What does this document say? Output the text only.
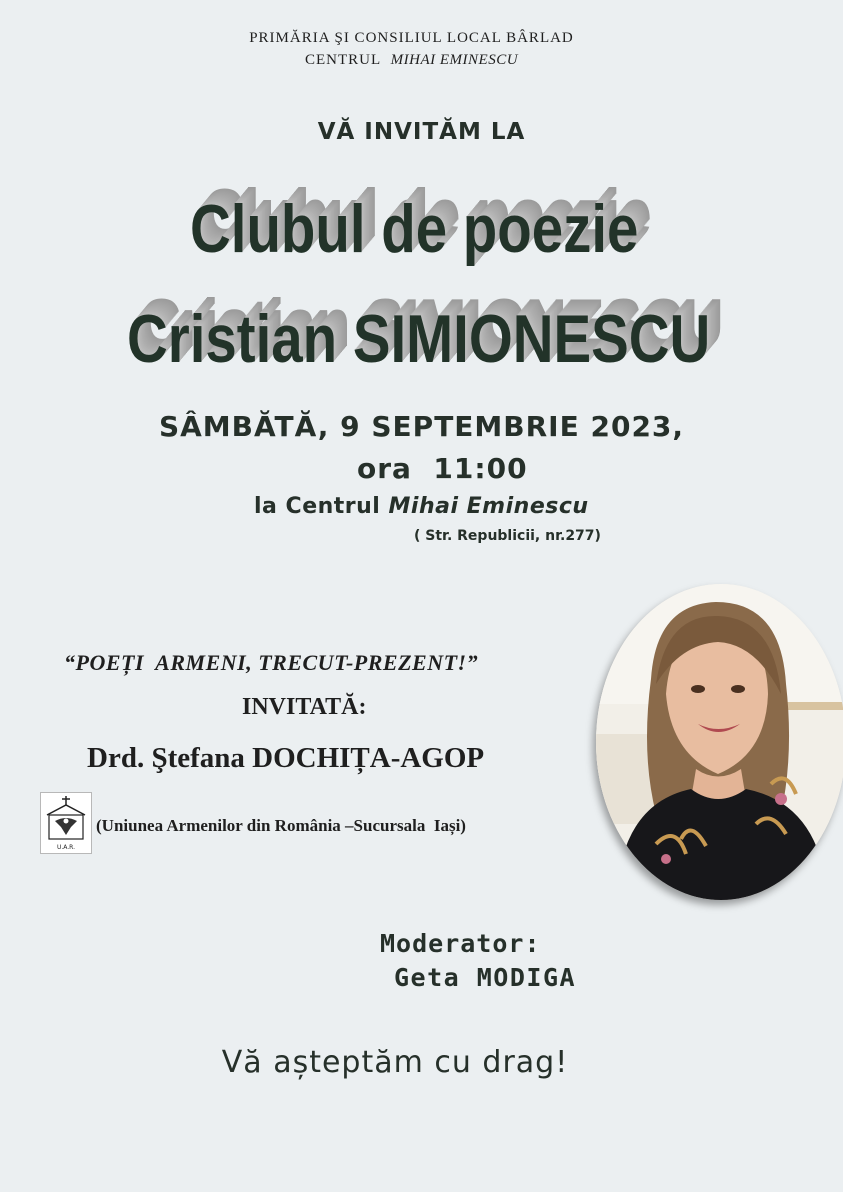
PRIMĂRIA ŞI CONSILIUL LOCAL BÂRLAD
CENTRUL MIHAI EMINESCU
VĂ INVITĂM LA
Clubul de poezie
Cristian SIMIONESCU
SÂMBĂTĂ, 9 SEPTEMBRIE 2023,
ora  11:00
la Centrul Mihai Eminescu
( Str. Republicii, nr.277)
“POEȚI  ARMENI, TRECUT-PREZENT!”
INVITATĂ:
Drd. Ştefana DOCHIȚA-AGOP
U.A.R.
(Uniunea Armenilor din România –Sucursala  Iași)
Moderator:
Geta MODIGA
Vă așteptăm cu drag!
